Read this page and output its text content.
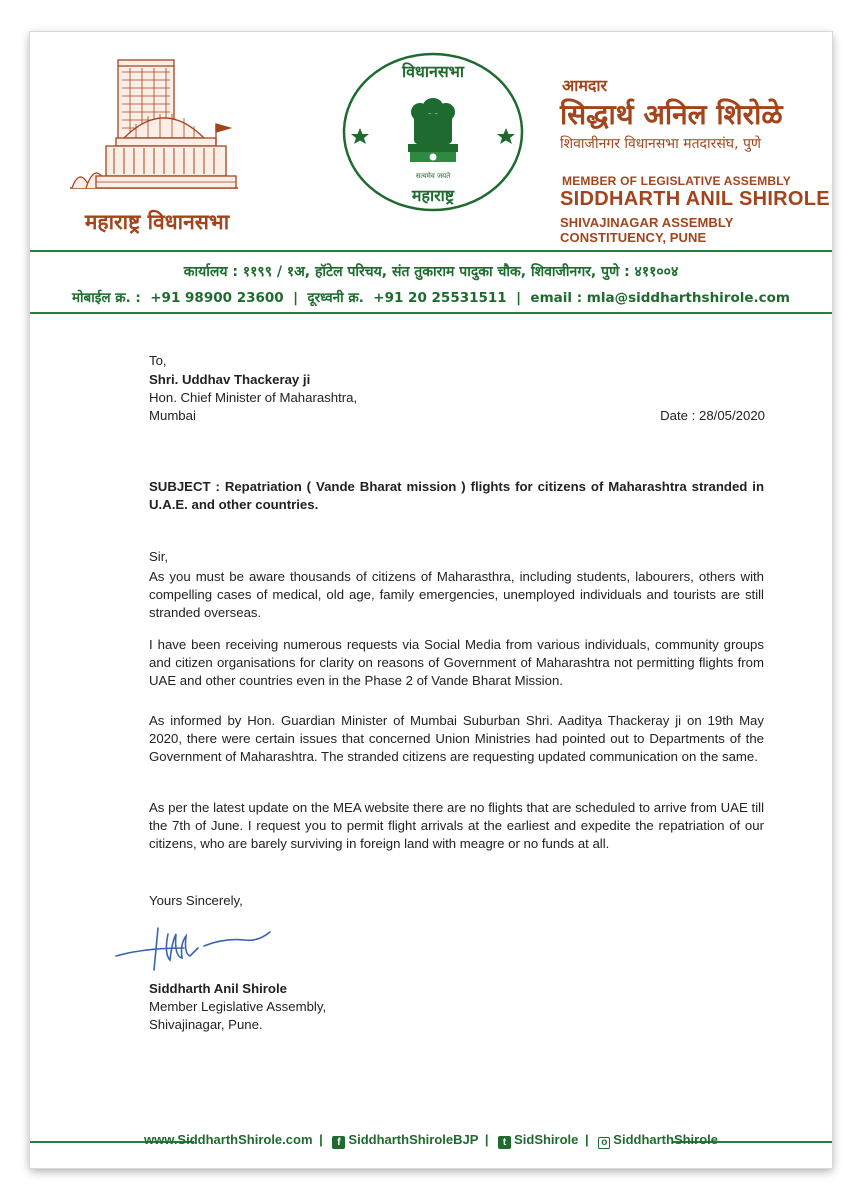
महाराष्ट्र विधानसभा
विधानसभा
सत्यमेव जयते
महाराष्ट्र
आमदार
सिद्धार्थ अनिल शिरोळे
शिवाजीनगर विधानसभा मतदारसंघ, पुणे
MEMBER OF LEGISLATIVE ASSEMBLY
SIDDHARTH ANIL SHIROLE
SHIVAJINAGAR ASSEMBLY CONSTITUENCY, PUNE
कार्यालय : ११९९ / १अ, हॉटेल परिचय, संत तुकाराम पादुका चौक, शिवाजीनगर, पुणे : ४११००४
मोबाईल क्र. :  +91 98900 23600  |  दूरध्वनी क्र.  +91 20 25531511  |  email : mla@siddharthshirole.com
To,
Shri. Uddhav Thackeray ji
Hon. Chief Minister of Maharashtra,
Mumbai	Date : 28/05/2020
SUBJECT : Repatriation ( Vande Bharat mission ) flights for citizens of Maharashtra stranded in U.A.E. and other countries.
Sir,
As you must be aware thousands of citizens of Maharasthra, including students, labourers, others with compelling cases of medical, old age, family emergencies, unemployed individuals and tourists are still stranded overseas.
I have been receiving numerous requests via Social Media from various individuals, community groups and citizen organisations for clarity on reasons of Government of Maharashtra not permitting flights from UAE and other countries even in the Phase 2 of Vande Bharat Mission.
As informed by Hon. Guardian Minister of Mumbai Suburban Shri. Aaditya Thackeray ji on 19th May 2020, there were certain issues that concerned Union Ministries had pointed out to Departments of the Government of Maharashtra. The stranded citizens are requesting updated communication on the same.
As per the latest update on the MEA website there are no flights that are scheduled to arrive from UAE till the 7th of June. I request you to permit flight arrivals at the earliest and expedite the repatriation of our citizens, who are barely surviving in foreign land with meagre or no funds at all.
Yours Sincerely,
Siddharth Anil Shirole
Member Legislative Assembly,
Shivajinagar, Pune.
www.SiddharthShirole.com | f SiddharthShiroleBJP | t SidShirole | o SiddharthShirole
